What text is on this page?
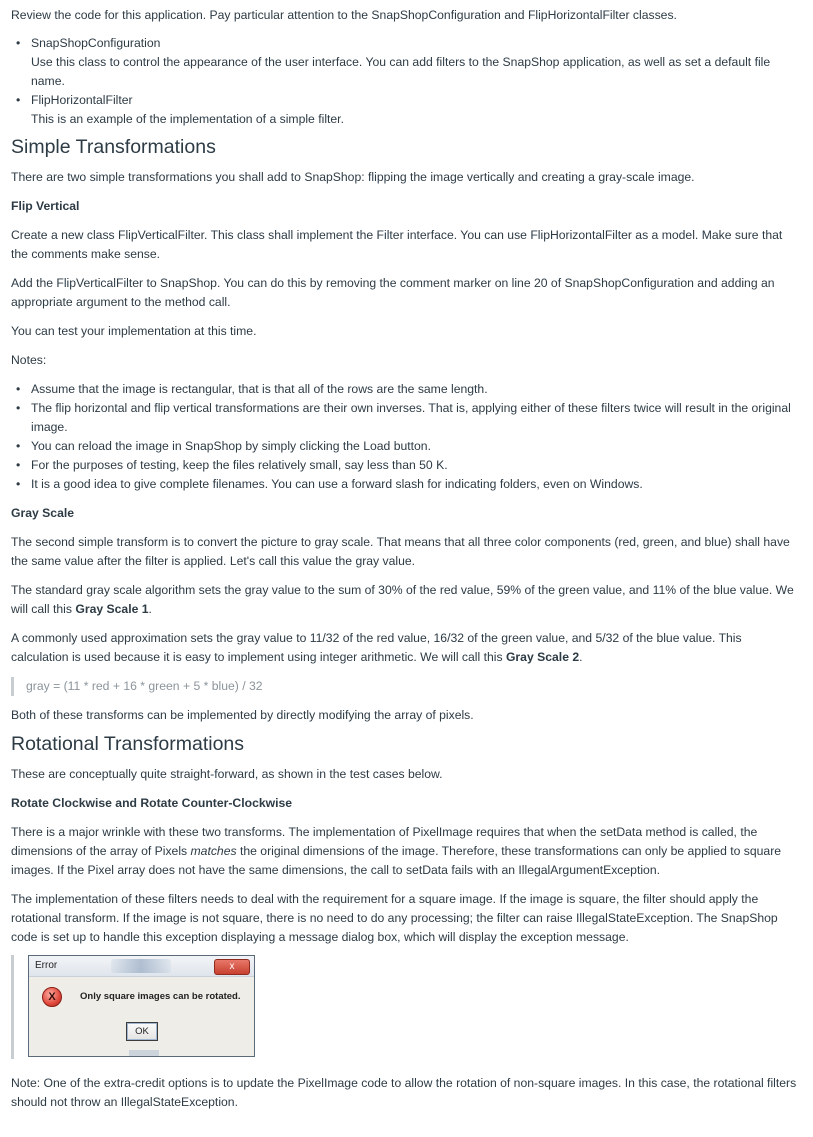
Review the code for this application. Pay particular attention to the SnapShopConfiguration and FlipHorizontalFilter classes.

• SnapShopConfiguration
Use this class to control the appearance of the user interface. You can add filters to the SnapShop application, as well as set a default file name.
• FlipHorizontalFilter
This is an example of the implementation of a simple filter.
Simple Transformations

There are two simple transformations you shall add to SnapShop: flipping the image vertically and creating a gray-scale image.

Flip Vertical

Create a new class FlipVerticalFilter. This class shall implement the Filter interface. You can use FlipHorizontalFilter as a model. Make sure that the comments make sense.

Add the FlipVerticalFilter to SnapShop. You can do this by removing the comment marker on line 20 of SnapShopConfiguration and adding an appropriate argument to the method call.

You can test your implementation at this time.

Notes:

• Assume that the image is rectangular, that is that all of the rows are the same length.
• The flip horizontal and flip vertical transformations are their own inverses. That is, applying either of these filters twice will result in the original image.
• You can reload the image in SnapShop by simply clicking the Load button.
• For the purposes of testing, keep the files relatively small, say less than 50 K.
• It is a good idea to give complete filenames. You can use a forward slash for indicating folders, even on Windows.

Gray Scale

The second simple transform is to convert the picture to gray scale. That means that all three color components (red, green, and blue) shall have the same value after the filter is applied. Let's call this value the gray value.

The standard gray scale algorithm sets the gray value to the sum of 30% of the red value, 59% of the green value, and 11% of the blue value. We will call this Gray Scale 1.

A commonly used approximation sets the gray value to 11/32 of the red value, 16/32 of the green value, and 5/32 of the blue value. This calculation is used because it is easy to implement using integer arithmetic. We will call this Gray Scale 2.

gray = (11 * red + 16 * green + 5 * blue) / 32

Both of these transforms can be implemented by directly modifying the array of pixels.

Rotational Transformations

These are conceptually quite straight-forward, as shown in the test cases below.

Rotate Clockwise and Rotate Counter-Clockwise

There is a major wrinkle with these two transforms. The implementation of PixelImage requires that when the setData method is called, the dimensions of the array of Pixels matches the original dimensions of the image. Therefore, these transformations can only be applied to square images. If the Pixel array does not have the same dimensions, the call to setData fails with an IllegalArgumentException.

The implementation of these filters needs to deal with the requirement for a square image. If the image is square, the filter should apply the rotational transform. If the image is not square, there is no need to do any processing; the filter can raise IllegalStateException. The SnapShop code is set up to handle this exception displaying a message dialog box, which will display the exception message.

Error	x
X	Only square images can be rotated.
OK

Note: One of the extra-credit options is to update the PixelImage code to allow the rotation of non-square images. In this case, the rotational filters should not throw an IllegalStateException.
